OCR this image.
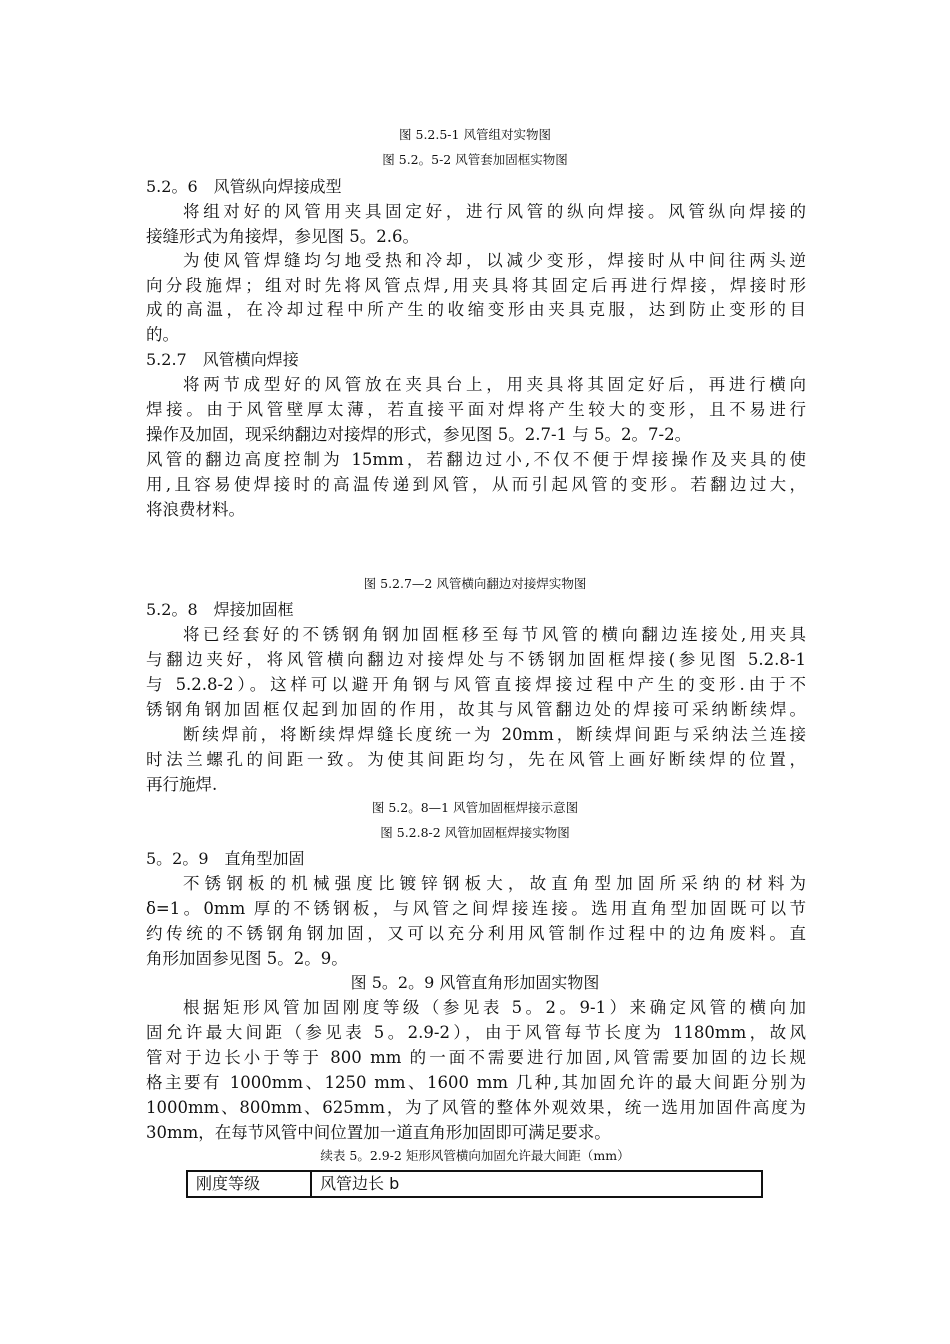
图 5.2.5-1 风管组对实物图
图 5.2。5-2 风管套加固框实物图
5.2。6　风管纵向焊接成型
将组对好的风管用夹具固定好，进行风管的纵向焊接。风管纵向焊接的
接缝形式为角接焊，参见图 5。2.6。
为使风管焊缝均匀地受热和冷却，以减少变形，焊接时从中间往两头逆
向分段施焊；组对时先将风管点焊,用夹具将其固定后再进行焊接，焊接时形
成的高温，在冷却过程中所产生的收缩变形由夹具克服，达到防止变形的目
的。
5.2.7　风管横向焊接
将两节成型好的风管放在夹具台上，用夹具将其固定好后，再进行横向
焊接。由于风管壁厚太薄，若直接平面对焊将产生较大的变形，且不易进行
操作及加固，现采纳翻边对接焊的形式，参见图 5。2.7-1 与 5。2。7-2。
风管的翻边高度控制为 15mm，若翻边过小,不仅不便于焊接操作及夹具的使
用,且容易使焊接时的高温传递到风管，从而引起风管的变形。若翻边过大，
将浪费材料。
图 5.2.7—2 风管横向翻边对接焊实物图
5.2。8　焊接加固框
将已经套好的不锈钢角钢加固框移至每节风管的横向翻边连接处,用夹具
与翻边夹好，将风管横向翻边对接焊处与不锈钢加固框焊接(参见图 5.2.8-1
与 5.2.8-2）。这样可以避开角钢与风管直接焊接过程中产生的变形.由于不
锈钢角钢加固框仅起到加固的作用，故其与风管翻边处的焊接可采纳断续焊。
断续焊前，将断续焊焊缝长度统一为 20mm，断续焊间距与采纳法兰连接
时法兰螺孔的间距一致。为使其间距均匀，先在风管上画好断续焊的位置，
再行施焊.
图 5.2。8—1 风管加固框焊接示意图
图 5.2.8-2 风管加固框焊接实物图
5。2。9　直角型加固
不锈钢板的机械强度比镀锌钢板大，故直角型加固所采纳的材料为
δ=1。0mm 厚的不锈钢板，与风管之间焊接连接。选用直角型加固既可以节
约传统的不锈钢角钢加固，又可以充分利用风管制作过程中的边角废料。直
角形加固参见图 5。2。9。
图 5。2。9 风管直角形加固实物图
根据矩形风管加固刚度等级（参见表 5。2。9-1）来确定风管的横向加
固允许最大间距（参见表 5。2.9-2），由于风管每节长度为 1180mm，故风
管对于边长小于等于 800 mm 的一面不需要进行加固,风管需要加固的边长规
格主要有 1000mm、1250 mm、1600 mm 几种,其加固允许的最大间距分别为
1000mm、800mm、625mm，为了风管的整体外观效果，统一选用加固件高度为
30mm，在每节风管中间位置加一道直角形加固即可满足要求。
续表 5。2.9-2 矩形风管横向加固允许最大间距（mm）
刚度等级	风管边长 b
